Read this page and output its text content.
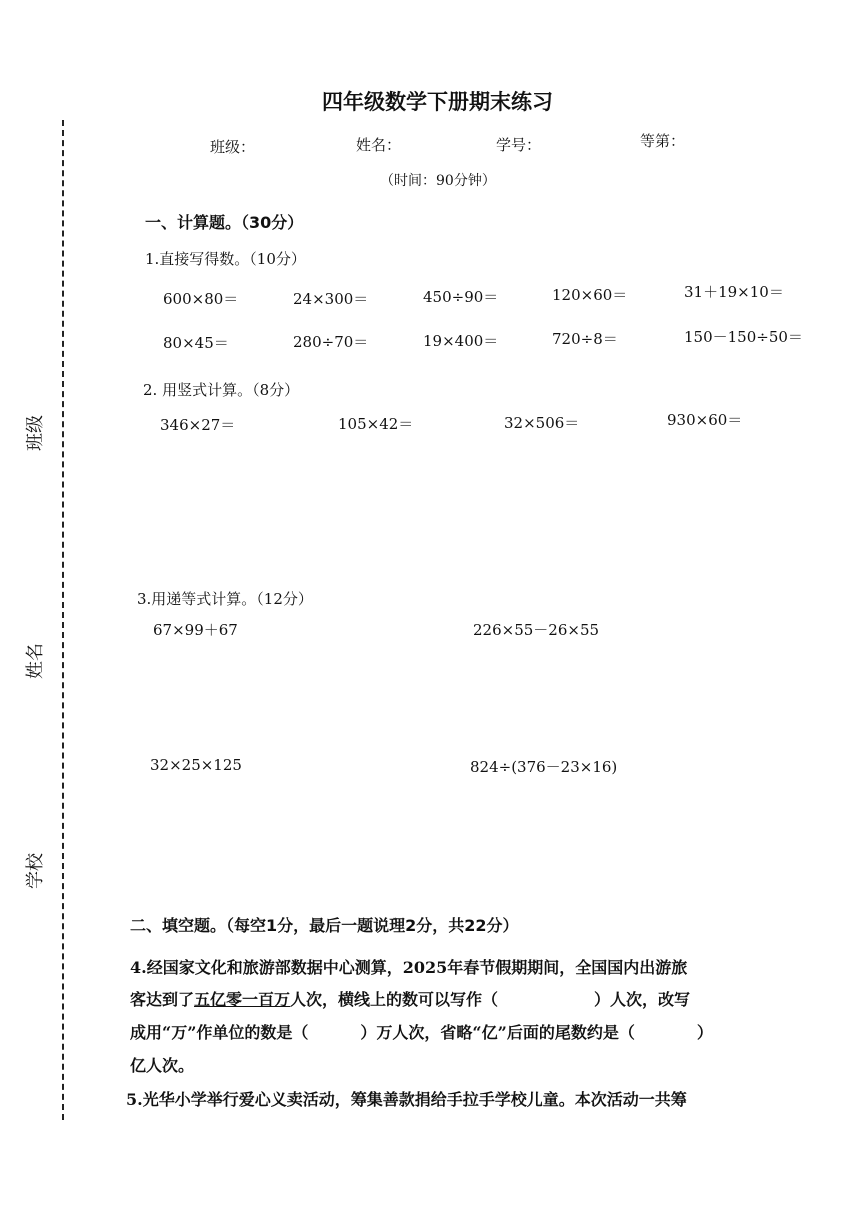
班级
姓名
学校
四年级数学下册期末练习
班级：	姓名：	学号：	等第：
（时间：90分钟）
一、计算题。（30分）
1.直接写得数。（10分）
600×80＝	24×300＝	450÷90＝	120×60＝	31＋19×10＝
80×45＝	280÷70＝	19×400＝	720÷8＝	150－150÷50＝
2. 用竖式计算。（8分）
346×27＝	105×42＝	32×506＝	930×60＝
3.用递等式计算。（12分）
67×99＋67	226×55－26×55
32×25×125	824÷(376－23×16)
二、填空题。（每空1分，最后一题说理2分，共22分）
4.经国家文化和旅游部数据中心测算，2025年春节假期期间，全国国内出游旅
客达到了五亿零一百万人次，横线上的数可以写作（	）人次，改写
成用“万”作单位的数是（	）万人次，省略“亿”后面的尾数约是（	）
亿人次。
5.光华小学举行爱心义卖活动，筹集善款捐给手拉手学校儿童。本次活动一共筹
